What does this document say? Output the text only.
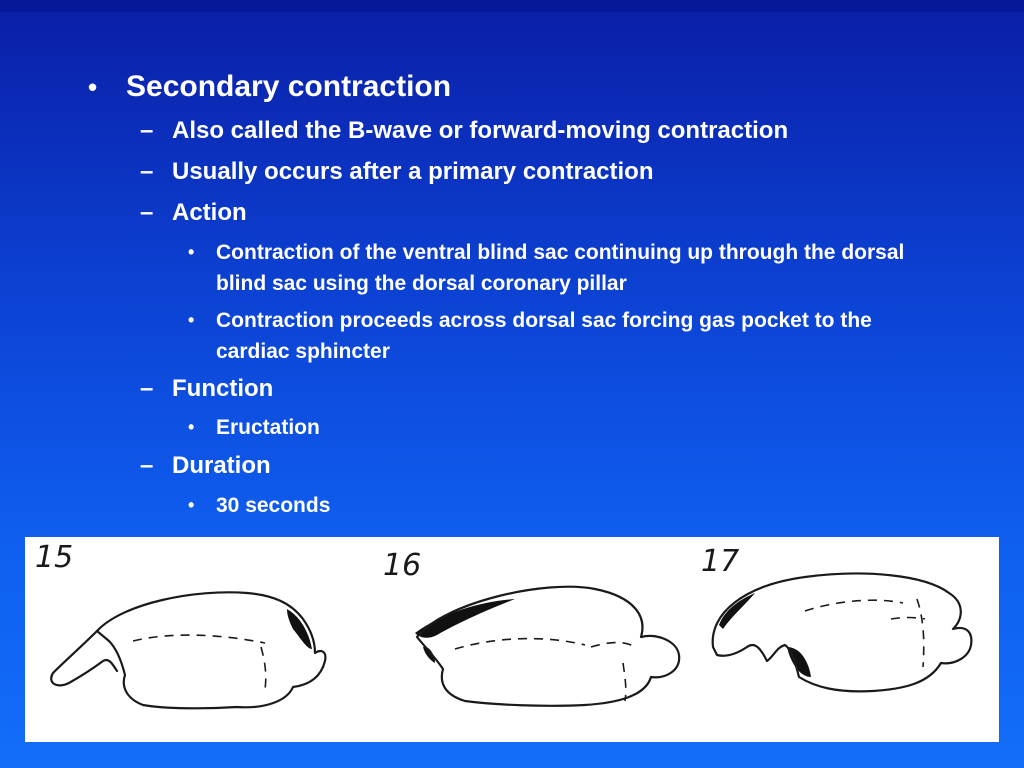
• Secondary contraction
– Also called the B-wave or forward-moving contraction
– Usually occurs after a primary contraction
– Action
•	Contraction of the ventral blind sac continuing up through the dorsal blind sac using the dorsal coronary pillar
•	Contraction proceeds across dorsal sac forcing gas pocket to the cardiac sphincter
– Function
•	Eructation
– Duration
•	30 seconds
15	16	17
